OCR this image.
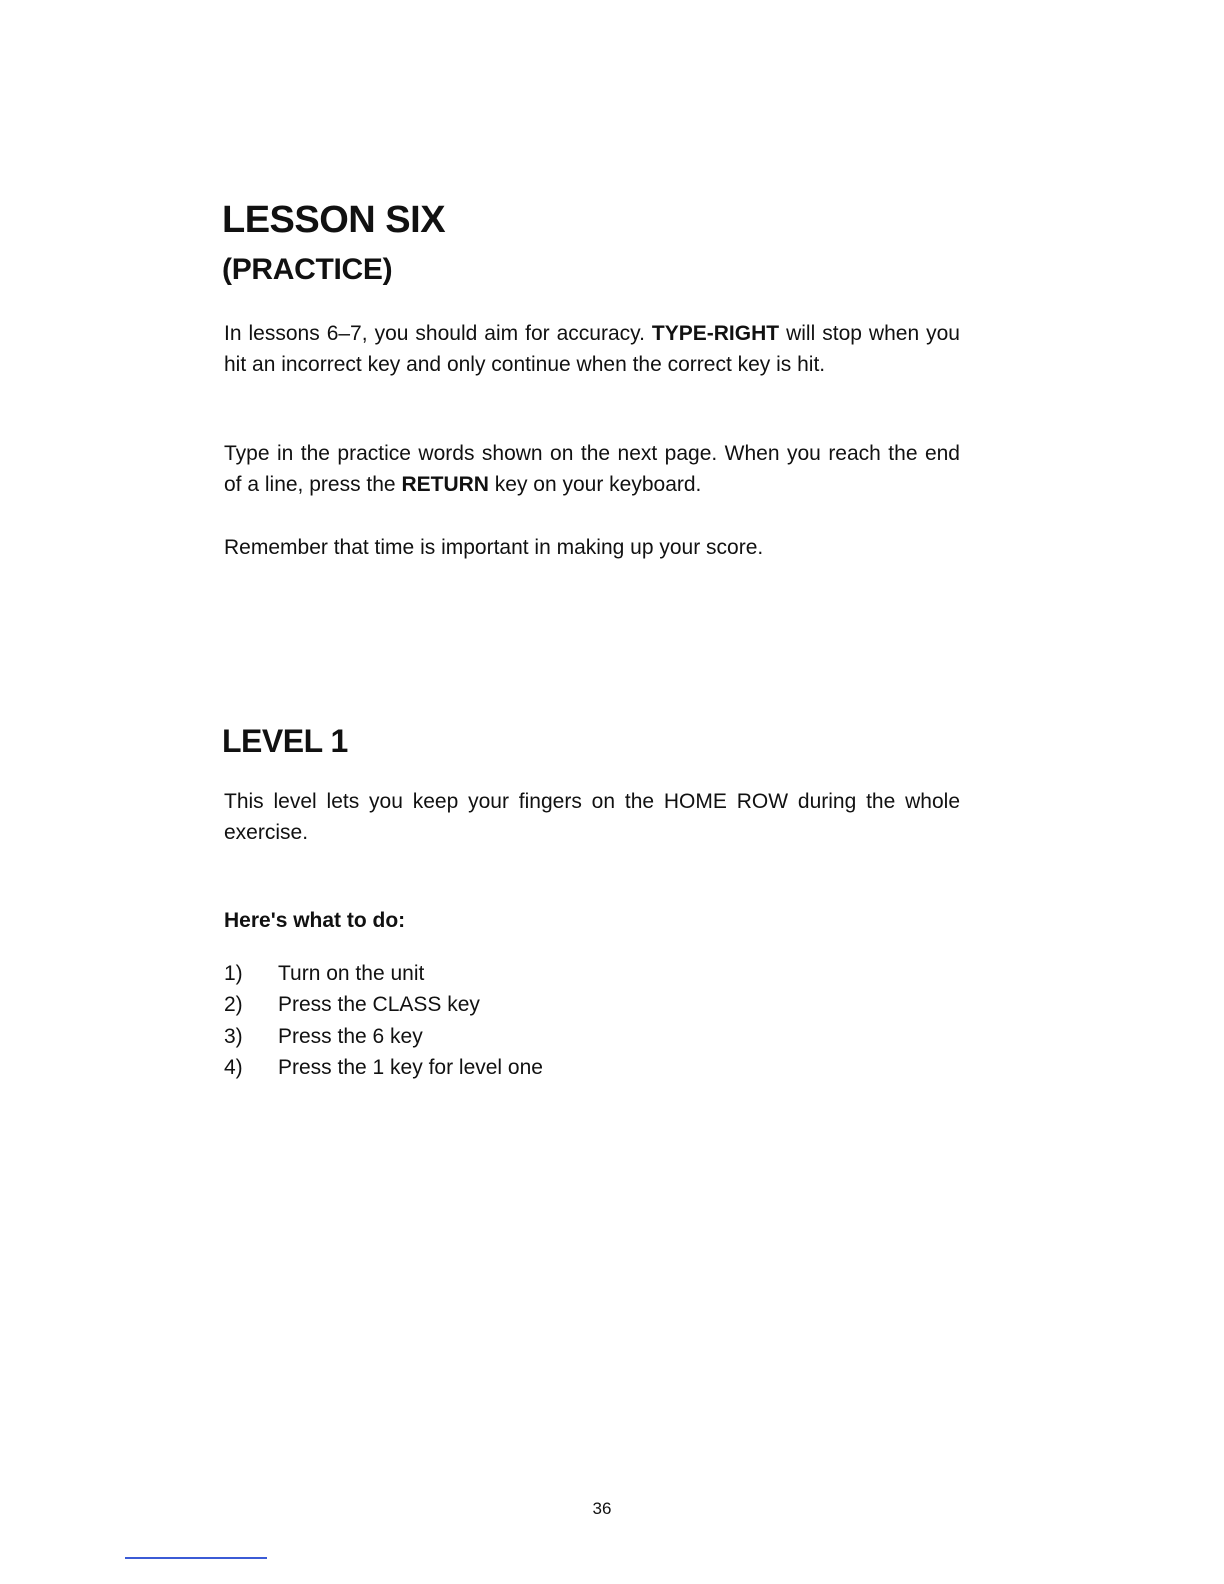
LESSON SIX
(PRACTICE)

In lessons 6–7, you should aim for accuracy. TYPE-RIGHT will stop when you hit an incorrect key and only continue when the correct key is hit.

Type in the practice words shown on the next page. When you reach the end of a line, press the RETURN key on your keyboard.

Remember that time is important in making up your score.

LEVEL 1

This level lets you keep your fingers on the HOME ROW during the whole exercise.

Here's what to do:

1)	Turn on the unit
2)	Press the CLASS key
3)	Press the 6 key
4)	Press the 1 key for level one
36
